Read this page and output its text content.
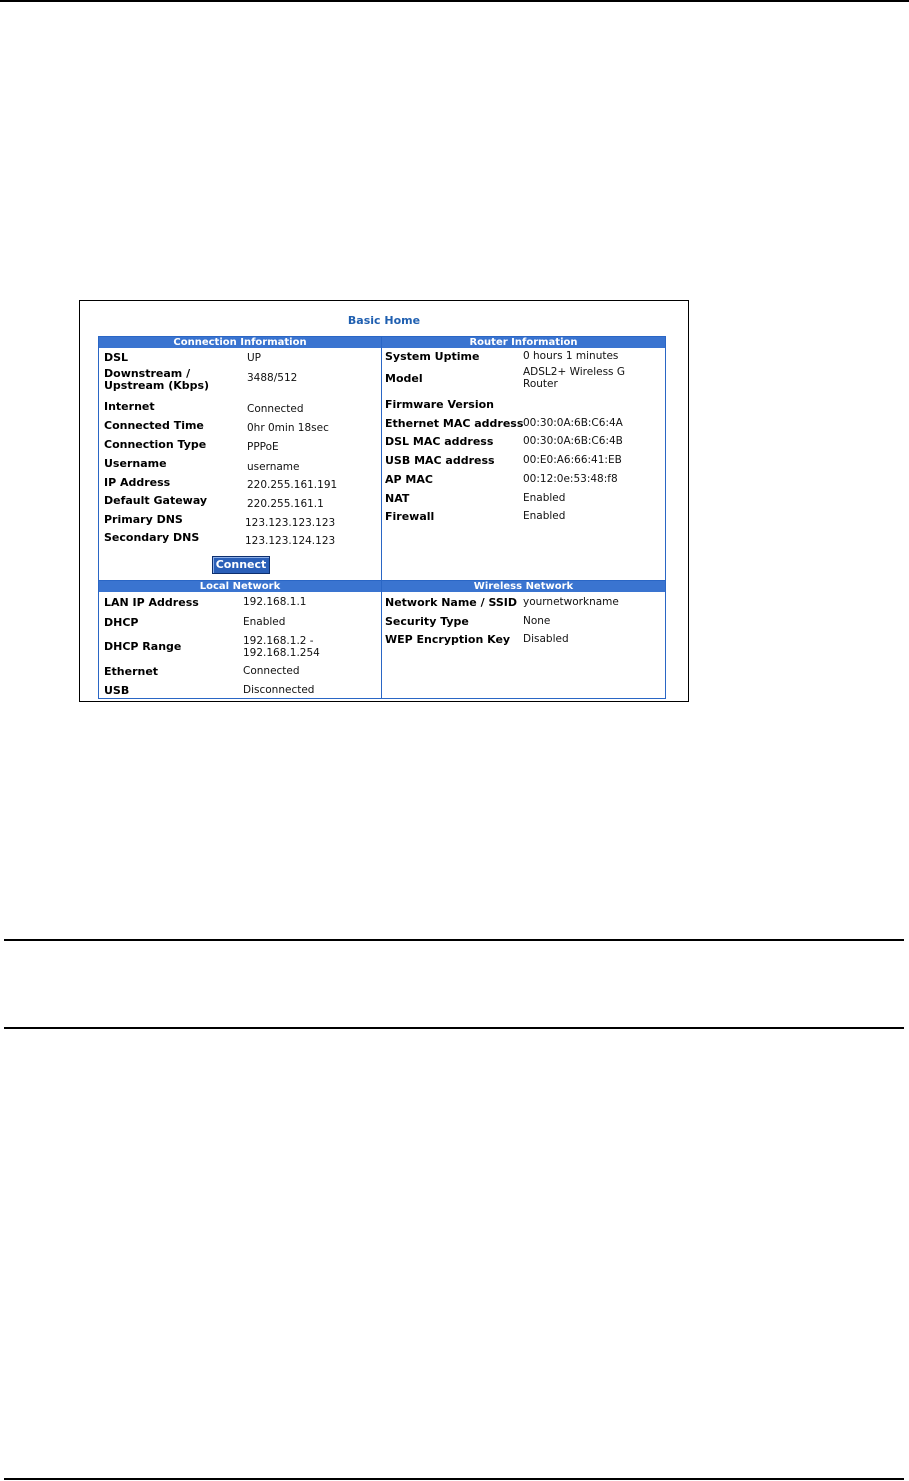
Basic Home
Connection Information
DSL	UP
Downstream /
Upstream (Kbps)
3488/512
Internet	Connected
Connected Time	0hr 0min 18sec
Connection Type	PPPoE
Username	username
IP Address	220.255.161.191
Default Gateway	220.255.161.1
Primary DNS	123.123.123.123
Secondary DNS	123.123.124.123
Connect
Router Information
System Uptime	0 hours 1 minutes
Model	ADSL2+ Wireless G
Router
Firmware Version
Ethernet MAC address 00:30:0A:6B:C6:4A
DSL MAC address	00:30:0A:6B:C6:4B
USB MAC address	00:E0:A6:66:41:EB
AP MAC	00:12:0e:53:48:f8
NAT	Enabled
Firewall	Enabled
Local Network
LAN IP Address	192.168.1.1
DHCP	Enabled
DHCP Range	192.168.1.2 -
192.168.1.254
Ethernet	Connected
USB	Disconnected
Wireless Network
Network Name / SSID yournetworkname
Security Type	None
WEP Encryption Key Disabled
